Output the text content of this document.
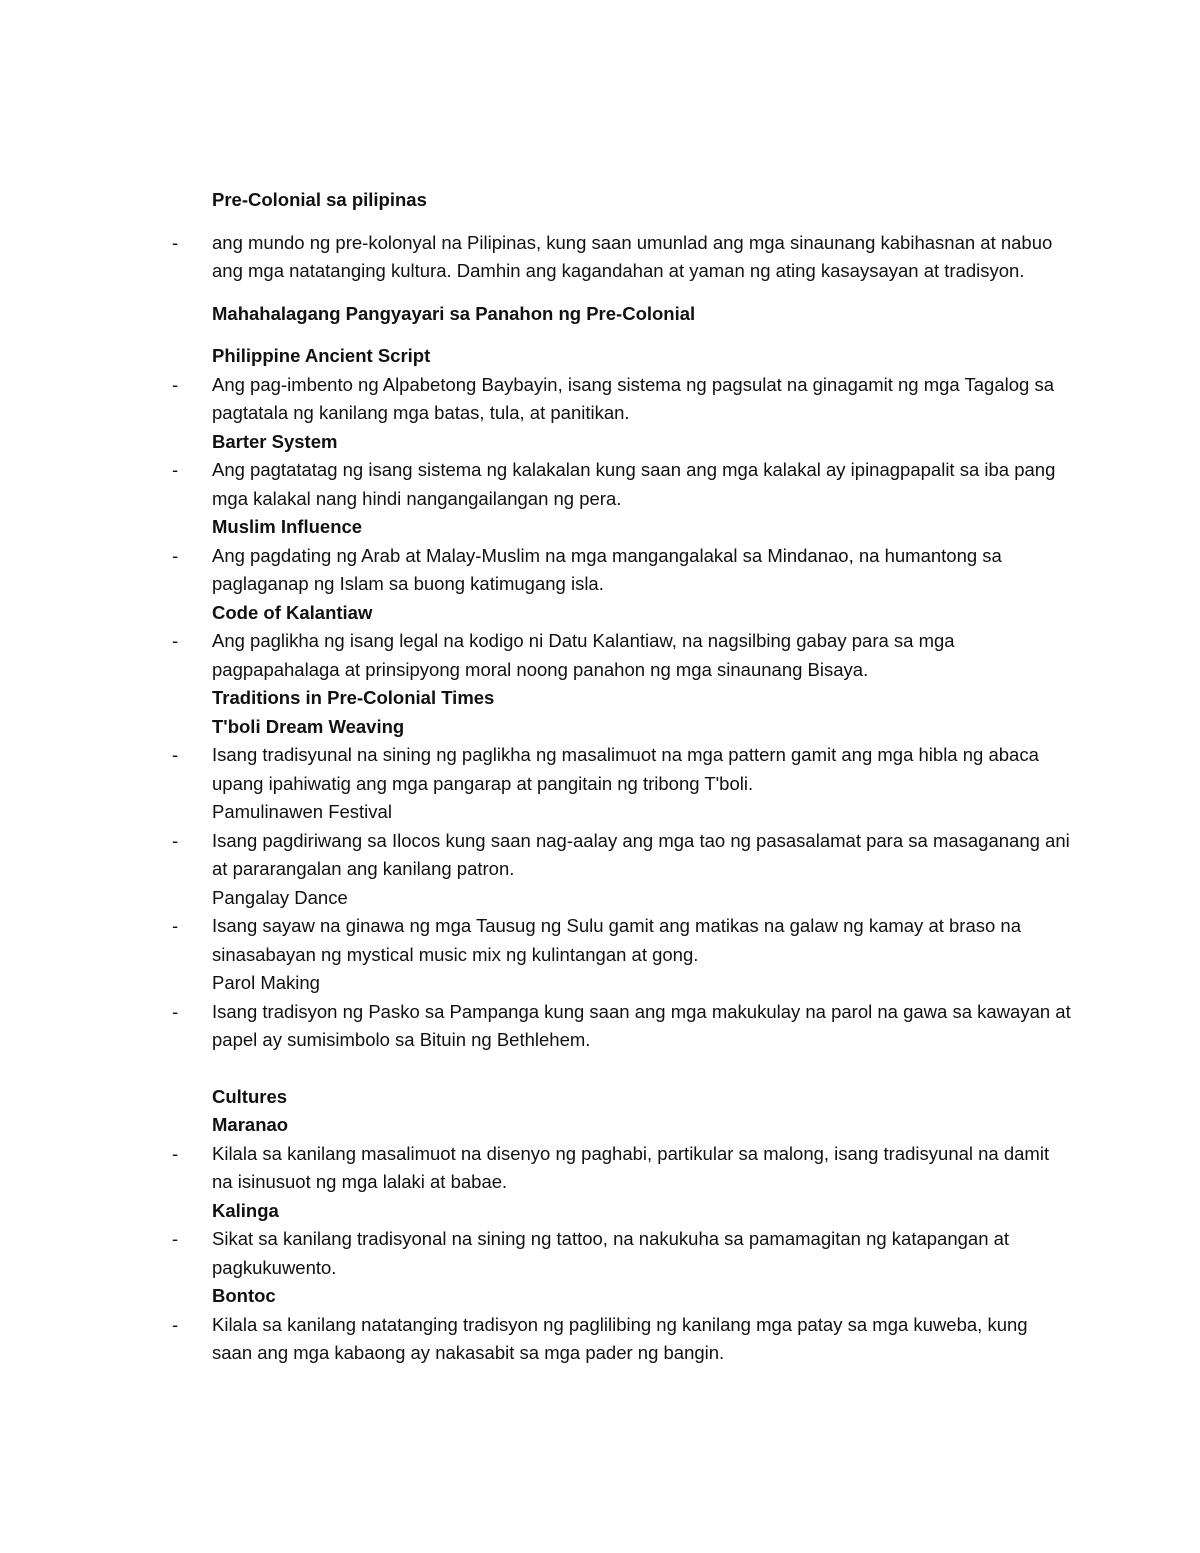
Pre-Colonial sa pilipinas
-	ang mundo ng pre-kolonyal na Pilipinas, kung saan umunlad ang mga sinaunang kabihasnan at nabuo ang mga natatanging kultura. Damhin ang kagandahan at yaman ng ating kasaysayan at tradisyon.
Mahahalagang Pangyayari sa Panahon ng Pre-Colonial
Philippine Ancient Script
-	Ang pag-imbento ng Alpabetong Baybayin, isang sistema ng pagsulat na ginagamit ng mga Tagalog sa pagtatala ng kanilang mga batas, tula, at panitikan.
Barter System
-	Ang pagtatatag ng isang sistema ng kalakalan kung saan ang mga kalakal ay ipinagpapalit sa iba pang mga kalakal nang hindi nangangailangan ng pera.
Muslim Influence
-	Ang pagdating ng Arab at Malay-Muslim na mga mangangalakal sa Mindanao, na humantong sa paglaganap ng Islam sa buong katimugang isla.
Code of Kalantiaw
-	Ang paglikha ng isang legal na kodigo ni Datu Kalantiaw, na nagsilbing gabay para sa mga pagpapahalaga at prinsipyong moral noong panahon ng mga sinaunang Bisaya.
Traditions in Pre-Colonial Times
T'boli Dream Weaving
-	Isang tradisyunal na sining ng paglikha ng masalimuot na mga pattern gamit ang mga hibla ng abaca upang ipahiwatig ang mga pangarap at pangitain ng tribong T'boli.
Pamulinawen Festival
-	Isang pagdiriwang sa Ilocos kung saan nag-aalay ang mga tao ng pasasalamat para sa masaganang ani at pararangalan ang kanilang patron.
Pangalay Dance
-	Isang sayaw na ginawa ng mga Tausug ng Sulu gamit ang matikas na galaw ng kamay at braso na sinasabayan ng mystical music mix ng kulintangan at gong.
Parol Making
-	Isang tradisyon ng Pasko sa Pampanga kung saan ang mga makukulay na parol na gawa sa kawayan at papel ay sumisimbolo sa Bituin ng Bethlehem.
Cultures
Maranao
-	Kilala sa kanilang masalimuot na disenyo ng paghabi, partikular sa malong, isang tradisyunal na damit na isinusuot ng mga lalaki at babae.
Kalinga
-	Sikat sa kanilang tradisyonal na sining ng tattoo, na nakukuha sa pamamagitan ng katapangan at pagkukuwento.
Bontoc
-	Kilala sa kanilang natatanging tradisyon ng paglilibing ng kanilang mga patay sa mga kuweba, kung saan ang mga kabaong ay nakasabit sa mga pader ng bangin.
